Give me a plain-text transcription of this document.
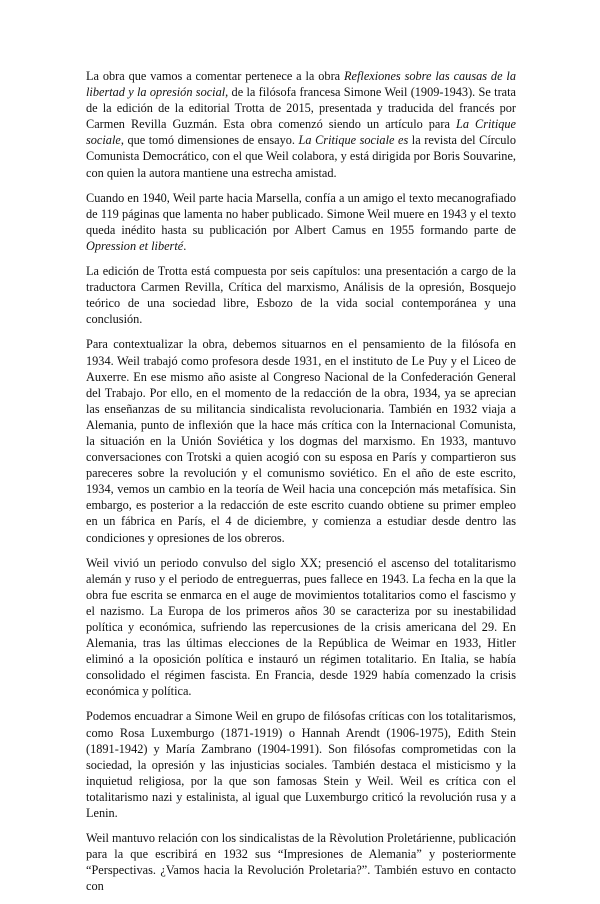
La obra que vamos a comentar pertenece a la obra Reflexiones sobre las causas de la libertad y la opresión social, de la filósofa francesa Simone Weil (1909-1943). Se trata de la edición de la editorial Trotta de 2015, presentada y traducida del francés por Carmen Revilla Guzmán. Esta obra comenzó siendo un artículo para La Critique sociale, que tomó dimensiones de ensayo. La Critique sociale es la revista del Círculo Comunista Democrático, con el que Weil colabora, y está dirigida por Boris Souvarine, con quien la autora mantiene una estrecha amistad.

Cuando en 1940, Weil parte hacia Marsella, confía a un amigo el texto mecanografiado de 119 páginas que lamenta no haber publicado. Simone Weil muere en 1943 y el texto queda inédito hasta su publicación por Albert Camus en 1955 formando parte de Opression et liberté.

La edición de Trotta está compuesta por seis capítulos: una presentación a cargo de la traductora Carmen Revilla, Crítica del marxismo, Análisis de la opresión, Bosquejo teórico de una sociedad libre, Esbozo de la vida social contemporánea y una conclusión.

Para contextualizar la obra, debemos situarnos en el pensamiento de la filósofa en 1934. Weil trabajó como profesora desde 1931, en el instituto de Le Puy y el Liceo de Auxerre. En ese mismo año asiste al Congreso Nacional de la Confederación General del Trabajo. Por ello, en el momento de la redacción de la obra, 1934, ya se aprecian las enseñanzas de su militancia sindicalista revolucionaria. También en 1932 viaja a Alemania, punto de inflexión que la hace más crítica con la Internacional Comunista, la situación en la Unión Soviética y los dogmas del marxismo. En 1933, mantuvo conversaciones con Trotski a quien acogió con su esposa en París y compartieron sus pareceres sobre la revolución y el comunismo soviético. En el año de este escrito, 1934, vemos un cambio en la teoría de Weil hacia una concepción más metafísica. Sin embargo, es posterior a la redacción de este escrito cuando obtiene su primer empleo en un fábrica en París, el 4 de diciembre, y comienza a estudiar desde dentro las condiciones y opresiones de los obreros.

Weil vivió un periodo convulso del siglo XX; presenció el ascenso del totalitarismo alemán y ruso y el periodo de entreguerras, pues fallece en 1943. La fecha en la que la obra fue escrita se enmarca en el auge de movimientos totalitarios como el fascismo y el nazismo. La Europa de los primeros años 30 se caracteriza por su inestabilidad política y económica, sufriendo las repercusiones de la crisis americana del 29. En Alemania, tras las últimas elecciones de la República de Weimar en 1933, Hitler eliminó a la oposición política e instauró un régimen totalitario. En Italia, se había consolidado el régimen fascista. En Francia, desde 1929 había comenzado la crisis económica y política.

Podemos encuadrar a Simone Weil en grupo de filósofas críticas con los totalitarismos, como Rosa Luxemburgo (1871-1919) o Hannah Arendt (1906-1975), Edith Stein (1891-1942) y María Zambrano (1904-1991). Son filósofas comprometidas con la sociedad, la opresión y las injusticias sociales. También destaca el misticismo y la inquietud religiosa, por la que son famosas Stein y Weil. Weil es crítica con el totalitarismo nazi y estalinista, al igual que Luxemburgo criticó la revolución rusa y a Lenin.

Weil mantuvo relación con los sindicalistas de la Rèvolution Proletárienne, publicación para la que escribirá en 1932 sus “Impresiones de Alemania” y posteriormente “Perspectivas. ¿Vamos hacia la Revolución Proletaria?”. También estuvo en contacto con
